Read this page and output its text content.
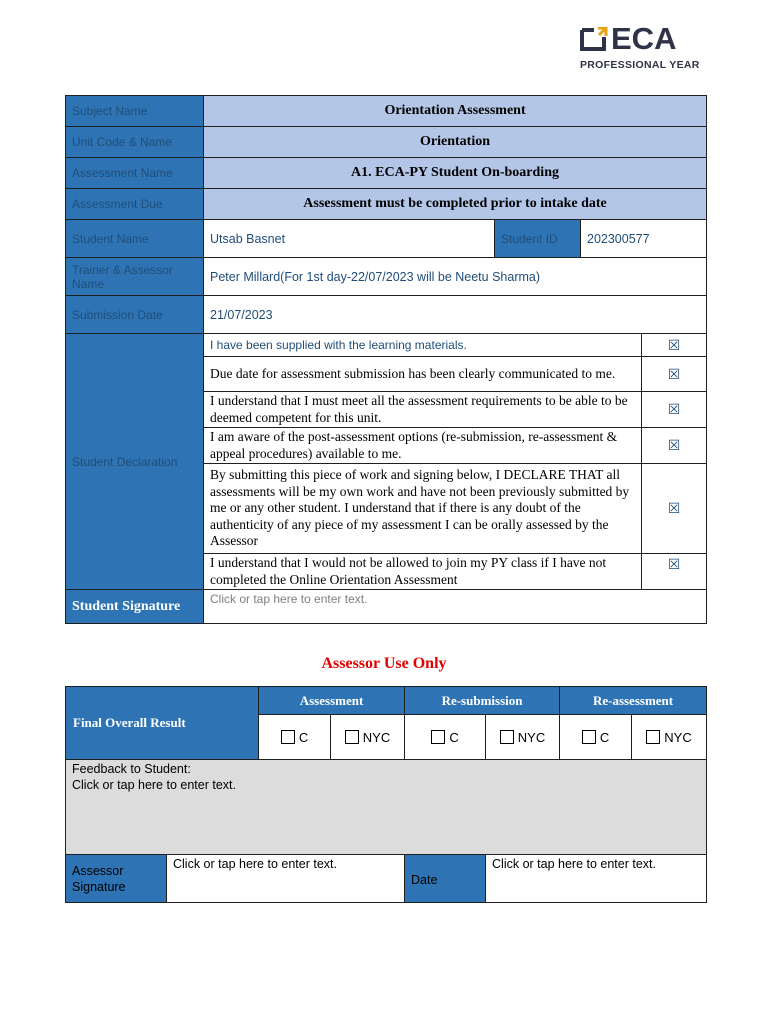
ECA
PROFESSIONAL YEAR
Subject Name	Orientation Assessment			
Unit Code & Name	Orientation			
Assessment Name	A1. ECA-PY Student On-boarding			
Assessment Due	Assessment must be completed prior to intake date			
Student Name	Utsab Basnet	Student ID	202300577	
Trainer & Assessor Name	Peter Millard(For 1st day-22/07/2023 will be Neetu Sharma)			
Submission Date	21/07/2023			
Student Declaration	I have been supplied with the learning materials.			☒
	Due date for assessment submission has been clearly communicated to me.			☒
	I understand that I must meet all the assessment requirements to be able to be deemed competent for this unit.			☒
	I am aware of the post-assessment options (re-submission, re-assessment & appeal procedures) available to me.			☒
	By submitting this piece of work and signing below, I DECLARE THAT all assessments will be my own work and have not been previously submitted by me or any other student. I understand that if there is any doubt of the authenticity of any piece of my assessment I can be orally assessed by the Assessor			☒
	I understand that I would not be allowed to join my PY class if I have not completed the Online Orientation Assessment			☒
Student Signature	Click or tap here to enter text.			
Assessor Use Only
Final Overall Result		Assessment		Re-submission		Re-assessment	
		C	NYC	C	NYC	C	NYC

Feedback to Student:
Click or tap here to enter text.							

Assessor Signature	Click or tap here to enter text.			Date	Click or tap here to enter text.		
